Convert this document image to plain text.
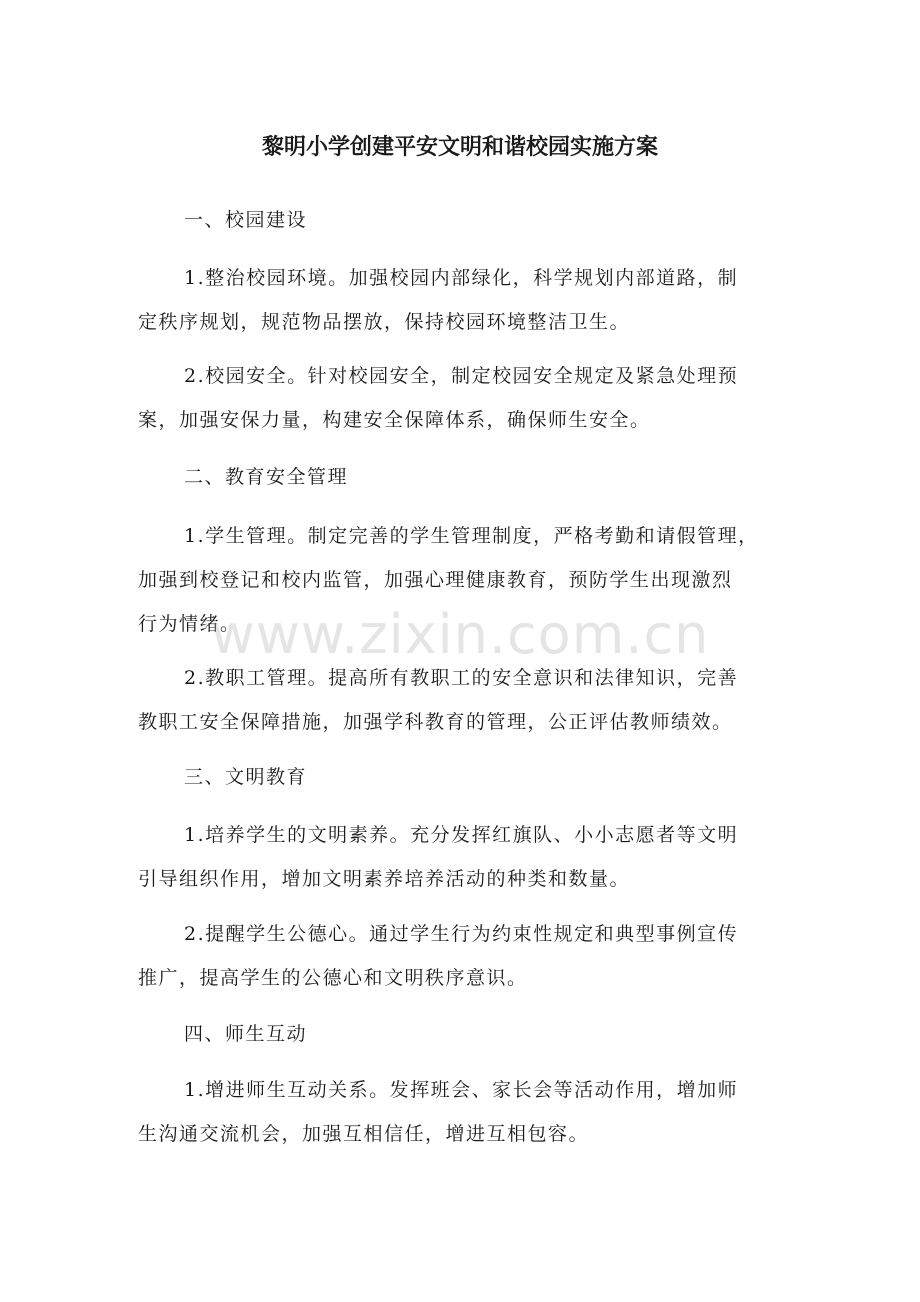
黎明小学创建平安文明和谐校园实施方案

一、校园建设

1.整治校园环境。加强校园内部绿化，科学规划内部道路，制
定秩序规划，规范物品摆放，保持校园环境整洁卫生。

2.校园安全。针对校园安全，制定校园安全规定及紧急处理预
案，加强安保力量，构建安全保障体系，确保师生安全。

二、教育安全管理

1.学生管理。制定完善的学生管理制度，严格考勤和请假管理，
加强到校登记和校内监管，加强心理健康教育，预防学生出现激烈
行为情绪。

2.教职工管理。提高所有教职工的安全意识和法律知识，完善
教职工安全保障措施，加强学科教育的管理，公正评估教师绩效。

三、文明教育

1.培养学生的文明素养。充分发挥红旗队、小小志愿者等文明
引导组织作用，增加文明素养培养活动的种类和数量。

2.提醒学生公德心。通过学生行为约束性规定和典型事例宣传
推广，提高学生的公德心和文明秩序意识。

四、师生互动

1.增进师生互动关系。发挥班会、家长会等活动作用，增加师
生沟通交流机会，加强互相信任，增进互相包容。

www.zixin.com.cn
